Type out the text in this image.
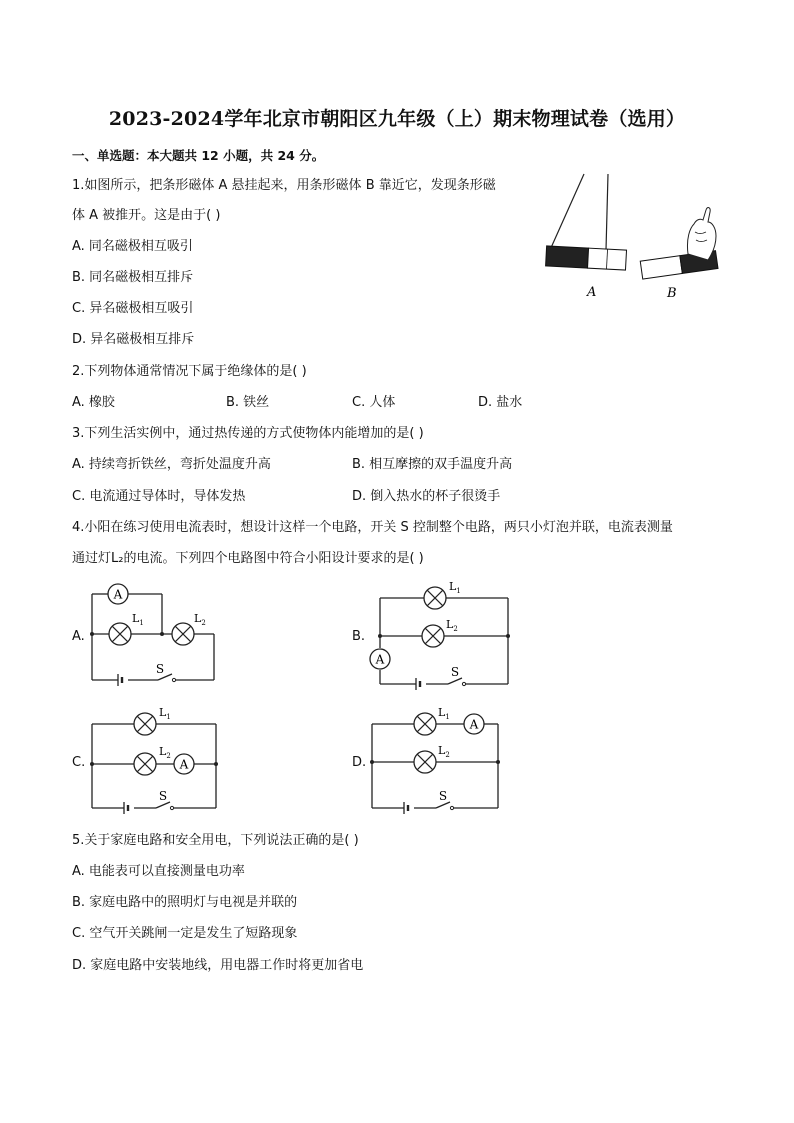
2023-2024学年北京市朝阳区九年级（上）期末物理试卷（选用）
一、单选题：本大题共 12 小题，共 24 分。
1.如图所示，把条形磁体 A 悬挂起来，用条形磁体 B 靠近它，发现条形磁
体 A 被推开。这是由于( )
A. 同名磁极相互吸引
B. 同名磁极相互排斥
C. 异名磁极相互吸引
D. 异名磁极相互排斥
A	B
2.下列物体通常情况下属于绝缘体的是( )
A. 橡胶	B. 铁丝	C. 人体	D. 盐水
3.下列生活实例中，通过热传递的方式使物体内能增加的是( )
A. 持续弯折铁丝，弯折处温度升高	B. 相互摩擦的双手温度升高
C. 电流通过导体时，导体发热	D. 倒入热水的杯子很烫手
4.小阳在练习使用电流表时，想设计这样一个电路，开关 S 控制整个电路，两只小灯泡并联，电流表测量
通过灯L₂的电流。下列四个电路图中符合小阳设计要求的是( )
A.
A
S
$L_1$	$L_2$
B.
A
S
$L_1$
$L_2$
C.	A
S
$L_1$
$L_2$	D.
A
S
$L_1$
$L_2$
5.关于家庭电路和安全用电，下列说法正确的是( )
A. 电能表可以直接测量电功率
B. 家庭电路中的照明灯与电视是并联的
C. 空气开关跳闸一定是发生了短路现象
D. 家庭电路中安装地线，用电器工作时将更加省电
